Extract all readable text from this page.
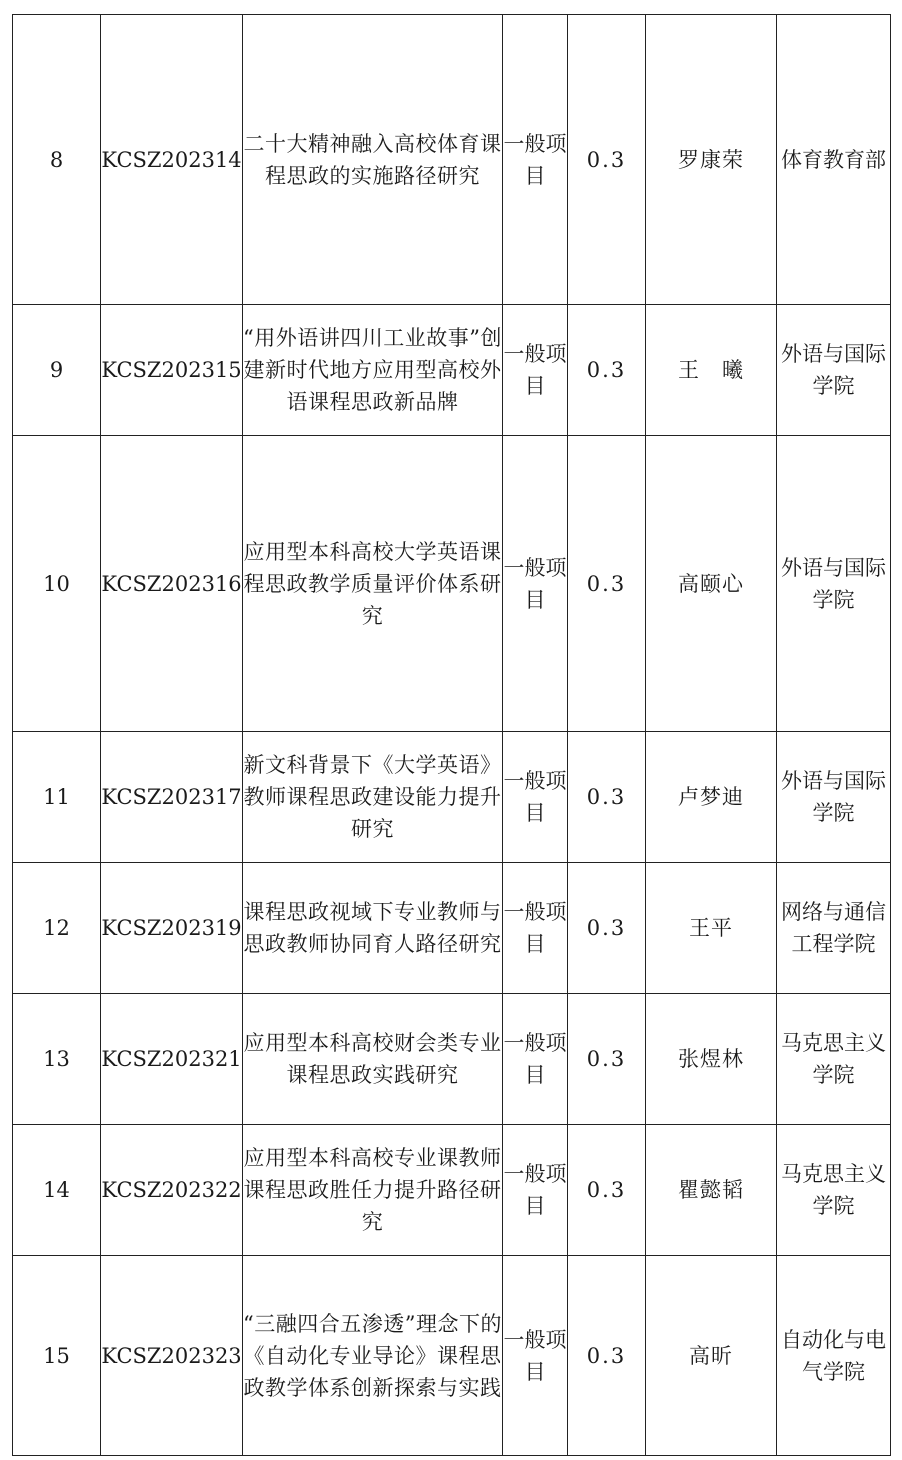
8	KCSZ202314	二十大精神融入高校体育课程思政的实施路径研究	一般项目	0.3	罗康荣	体育教育部
9	KCSZ202315	“用外语讲四川工业故事”创建新时代地方应用型高校外语课程思政新品牌	一般项目	0.3	王　曦	外语与国际学院
10	KCSZ202316	应用型本科高校大学英语课程思政教学质量评价体系研究	一般项目	0.3	高颐心	外语与国际学院
11	KCSZ202317	新文科背景下《大学英语》教师课程思政建设能力提升研究	一般项目	0.3	卢梦迪	外语与国际学院
12	KCSZ202319	课程思政视域下专业教师与思政教师协同育人路径研究	一般项目	0.3	王平	网络与通信工程学院
13	KCSZ202321	应用型本科高校财会类专业课程思政实践研究	一般项目	0.3	张煜林	马克思主义学院
14	KCSZ202322	应用型本科高校专业课教师课程思政胜任力提升路径研究	一般项目	0.3	瞿懿韬	马克思主义学院
15	KCSZ202323	“三融四合五渗透”理念下的《自动化专业导论》课程思政教学体系创新探索与实践	一般项目	0.3	高昕	自动化与电气学院
